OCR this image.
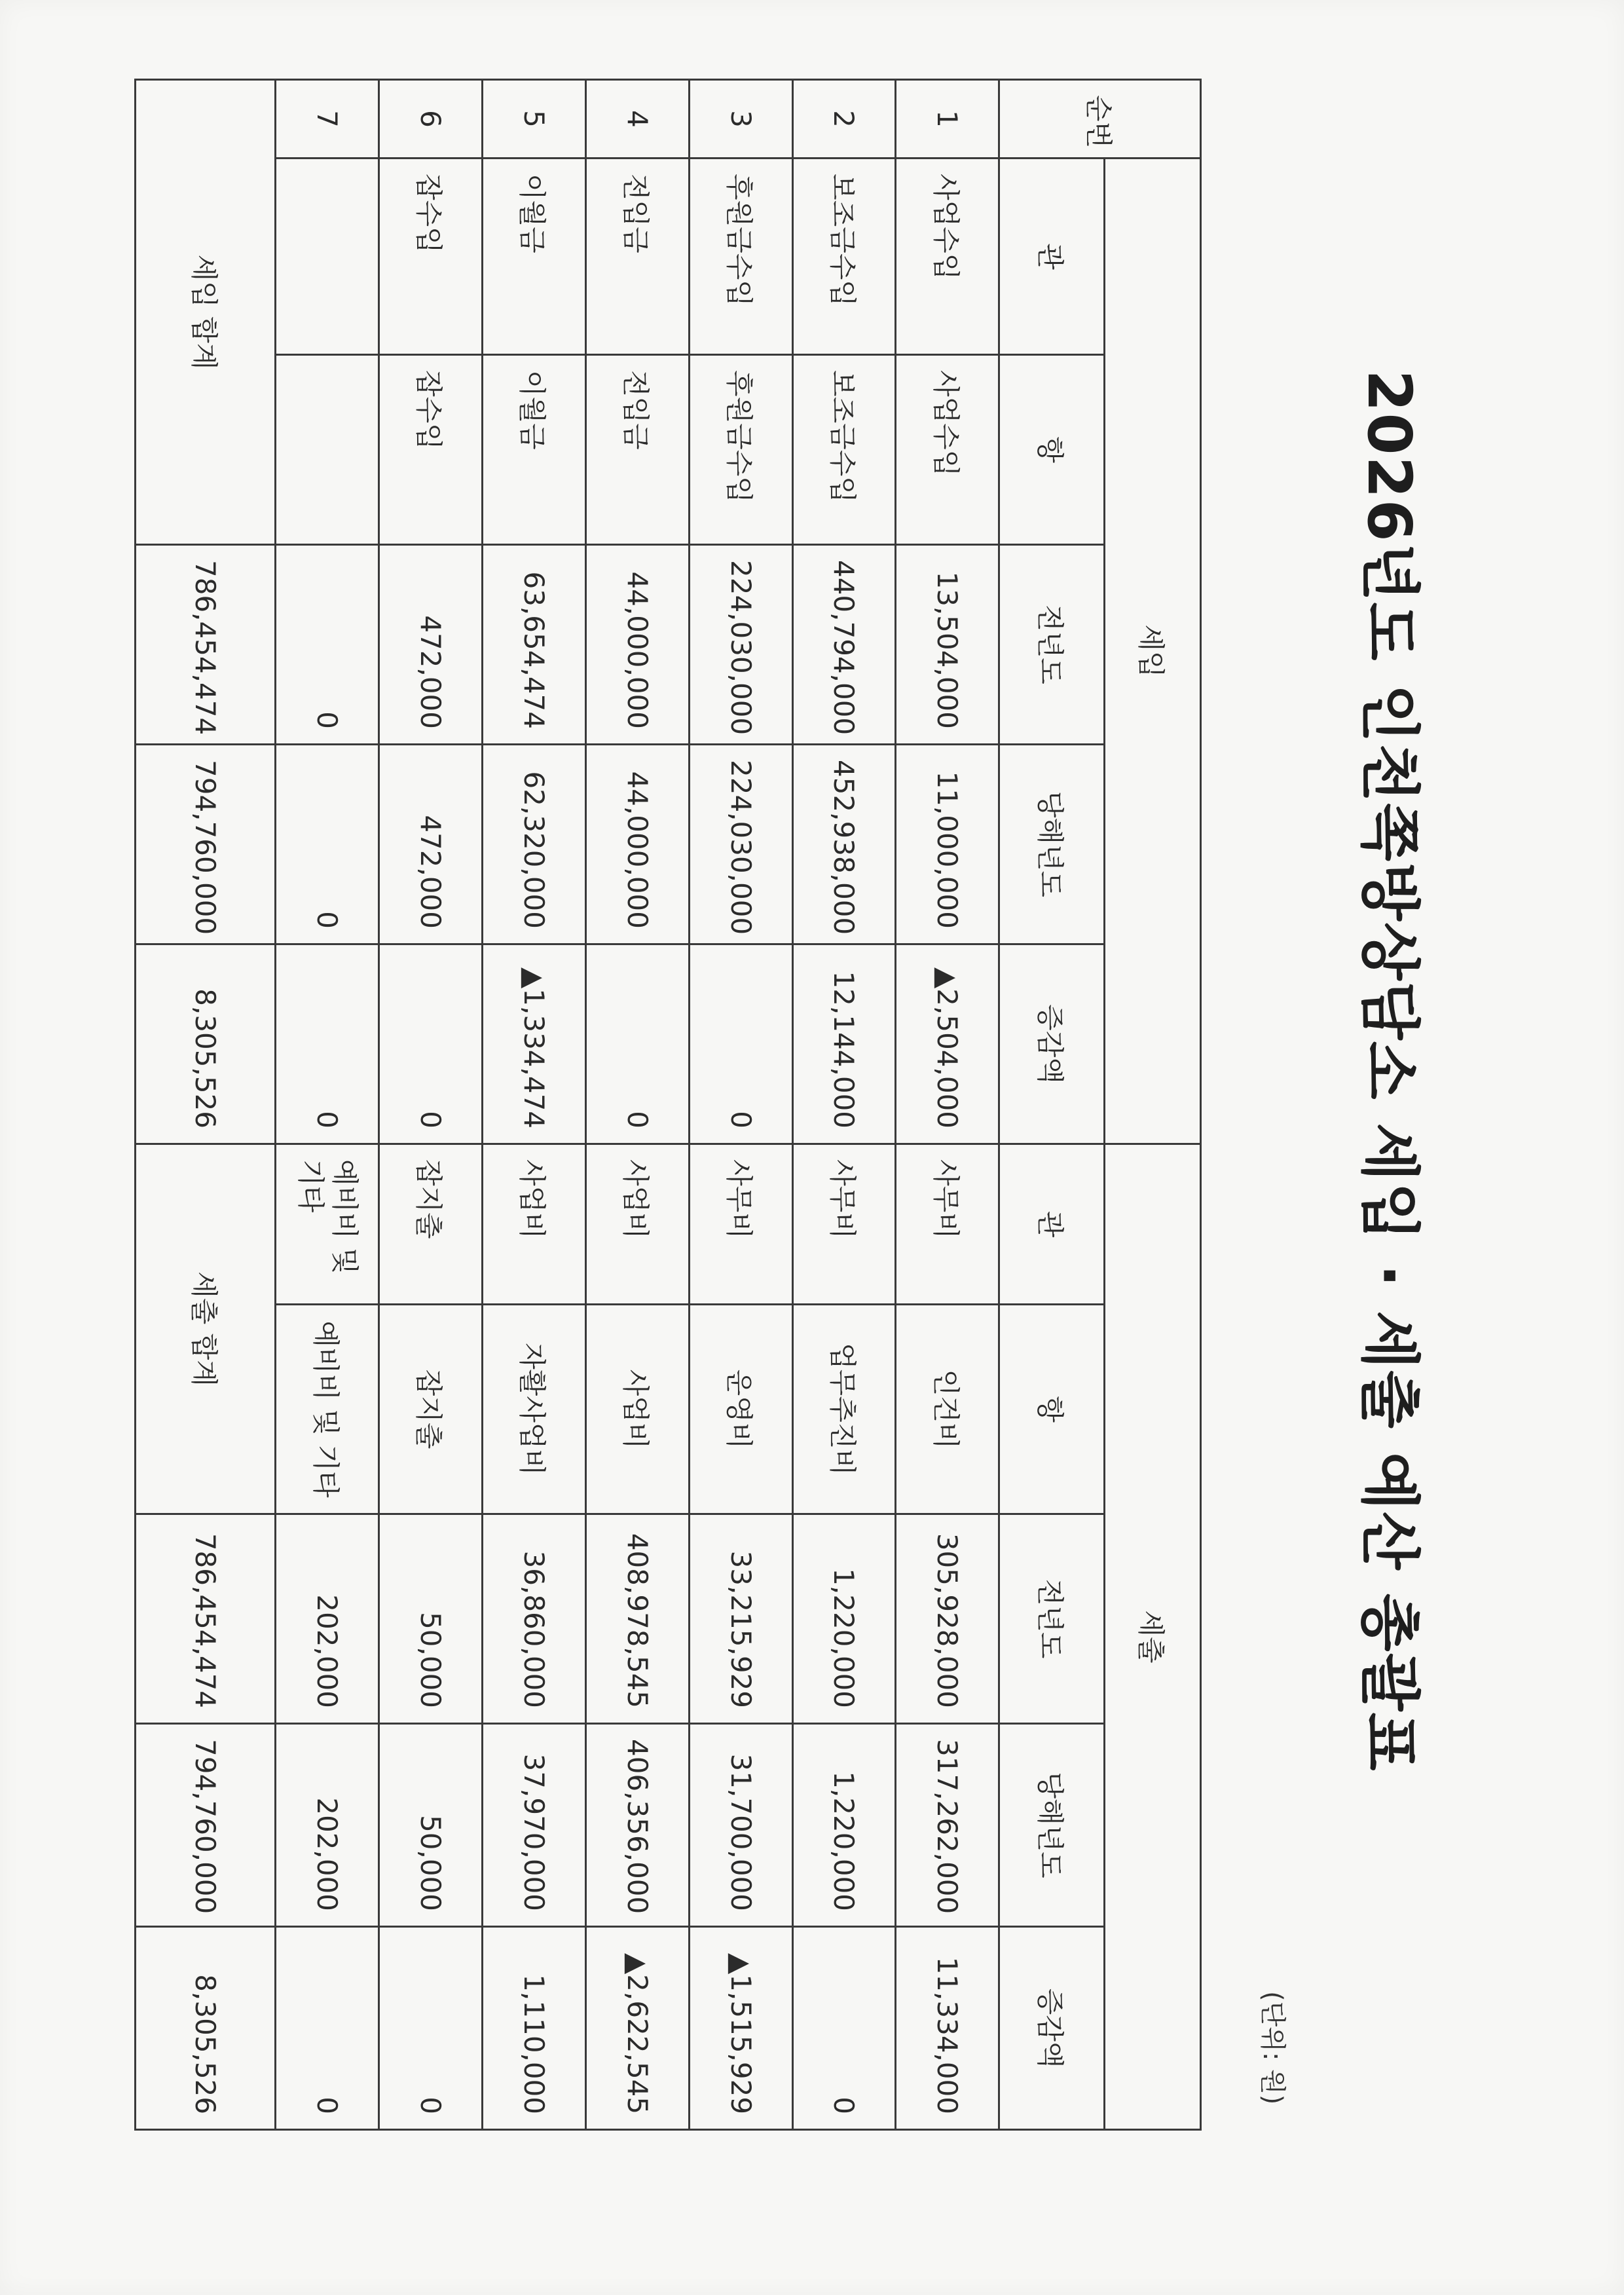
2026년도 인천쪽방상담소 세입 · 세출 예산 총괄표
(단위: 원)
순번	세입					세출				
	관	항	전년도	당해년도	증감액	관	항	전년도	당해년도	증감액
1	사업수입	사업수입	13,504,000	11,000,000	▲2,504,000	사무비	인건비	305,928,000	317,262,000	11,334,000
2	보조금수입	보조금수입	440,794,000	452,938,000	12,144,000	사무비	업무추진비	1,220,000	1,220,000	0
3	후원금수입	후원금수입	224,030,000	224,030,000	0	사무비	운영비	33,215,929	31,700,000	▲1,515,929
4	전입금	전입금	44,000,000	44,000,000	0	사업비	사업비	408,978,545	406,356,000	▲2,622,545
5	이월금	이월금	63,654,474	62,320,000	▲1,334,474	사업비	자활사업비	36,860,000	37,970,000	1,110,000
6	잡수입	잡수입	472,000	472,000	0	잡지출	잡지출	50,000	50,000	0
7			0	0	0	예비비 및 기타	예비비 및 기타	202,000	202,000	0
세입 합계			786,454,474	794,760,000	8,305,526	세출 합계		786,454,474	794,760,000	8,305,526
